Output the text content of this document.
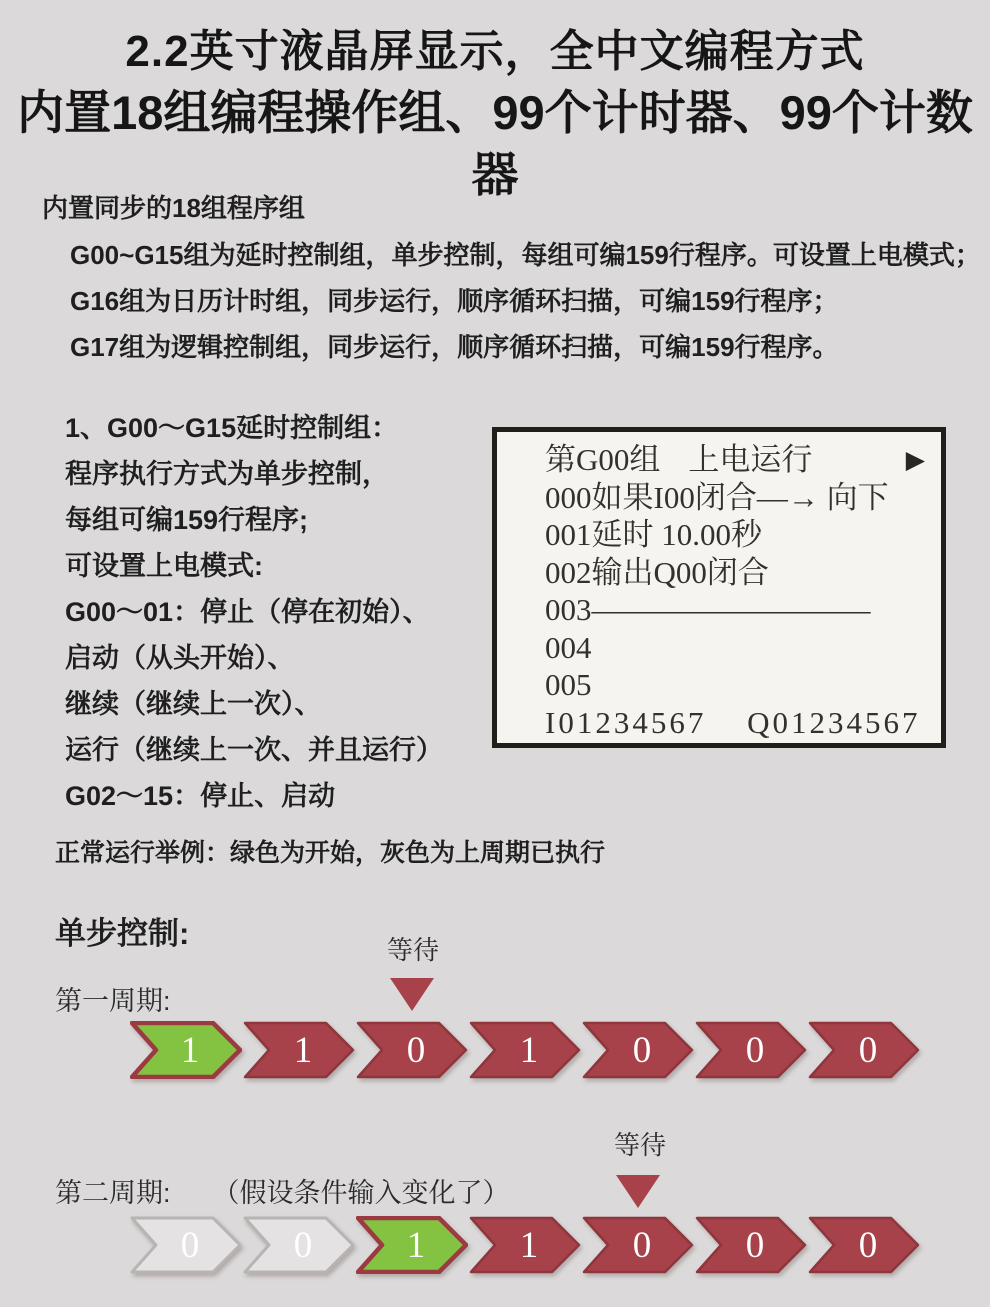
2.2英寸液晶屏显示，全中文编程方式
内置18组编程操作组、99个计时器、99个计数器
内置同步的18组程序组
G00~G15组为延时控制组，单步控制，每组可编159行程序。可设置上电模式；
G16组为日历计时组，同步运行，顺序循环扫描，可编159行程序；
G17组为逻辑控制组，同步运行，顺序循环扫描，可编159行程序。
1、G00～G15延时控制组：
程序执行方式为单步控制，
每组可编159行程序;
可设置上电模式:
G00～01：停止（停在初始）、
启动（从头开始）、
继续（继续上一次）、
运行（继续上一次、并且运行）
G02～15：停止、启动
第G00组 上电运行	▶
000如果I00闭合—→ 向下
001延时 10.00秒
002输出Q00闭合
003––––––––––––––––––
004
005
I01234567 Q01234567
正常运行举例：绿色为开始，灰色为上周期已执行
单步控制:	等待
第一周期:
1	1	0	1	0	0	0
等待
第二周期: （假设条件输入变化了）
0	0	1	1	0	0	0
